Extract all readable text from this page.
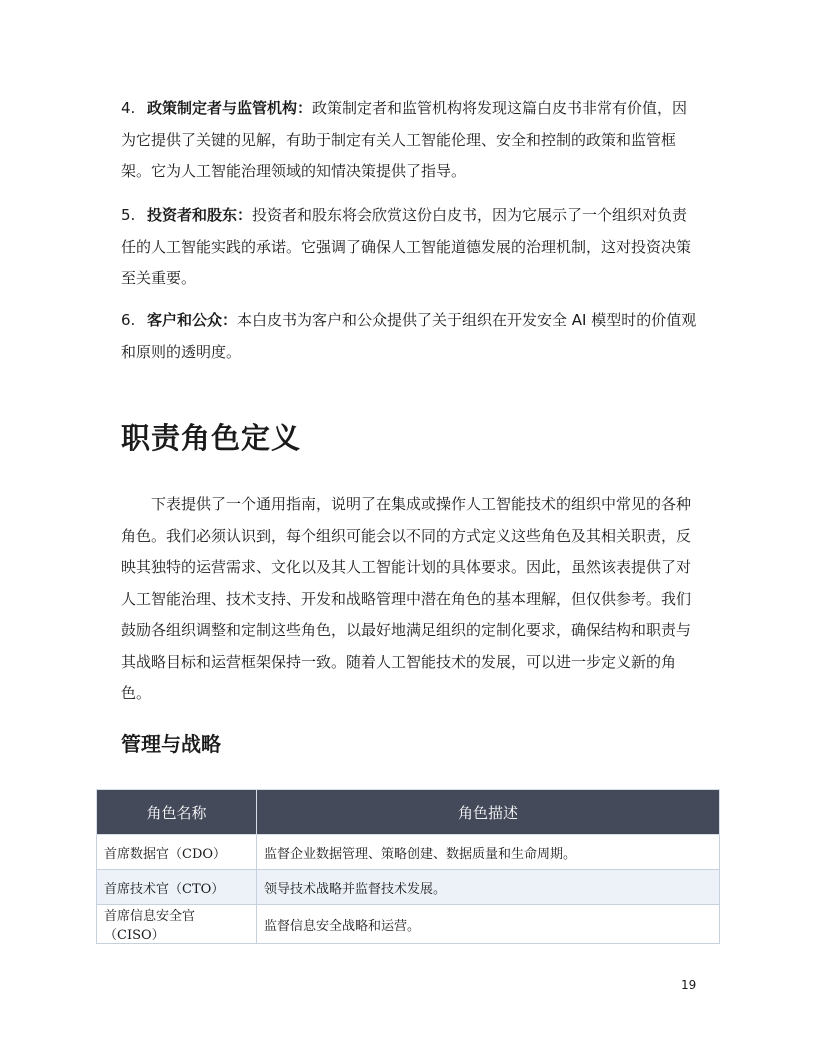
4. 政策制定者与监管机构：政策制定者和监管机构将发现这篇白皮书非常有价值，因为它提供了关键的见解，有助于制定有关人工智能伦理、安全和控制的政策和监管框架。它为人工智能治理领域的知情决策提供了指导。
5. 投资者和股东：投资者和股东将会欣赏这份白皮书，因为它展示了一个组织对负责任的人工智能实践的承诺。它强调了确保人工智能道德发展的治理机制，这对投资决策至关重要。
6. 客户和公众：本白皮书为客户和公众提供了关于组织在开发安全 AI 模型时的价值观和原则的透明度。
职责角色定义
下表提供了一个通用指南，说明了在集成或操作人工智能技术的组织中常见的各种角色。我们必须认识到，每个组织可能会以不同的方式定义这些角色及其相关职责，反映其独特的运营需求、文化以及其人工智能计划的具体要求。因此，虽然该表提供了对人工智能治理、技术支持、开发和战略管理中潜在角色的基本理解，但仅供参考。我们鼓励各组织调整和定制这些角色，以最好地满足组织的定制化要求，确保结构和职责与其战略目标和运营框架保持一致。随着人工智能技术的发展，可以进一步定义新的角色。
管理与战略
角色名称	角色描述
首席数据官（CDO）	监督企业数据管理、策略创建、数据质量和生命周期。
首席技术官（CTO）	领导技术战略并监督技术发展。
首席信息安全官（CISO）	监督信息安全战略和运营。
19
